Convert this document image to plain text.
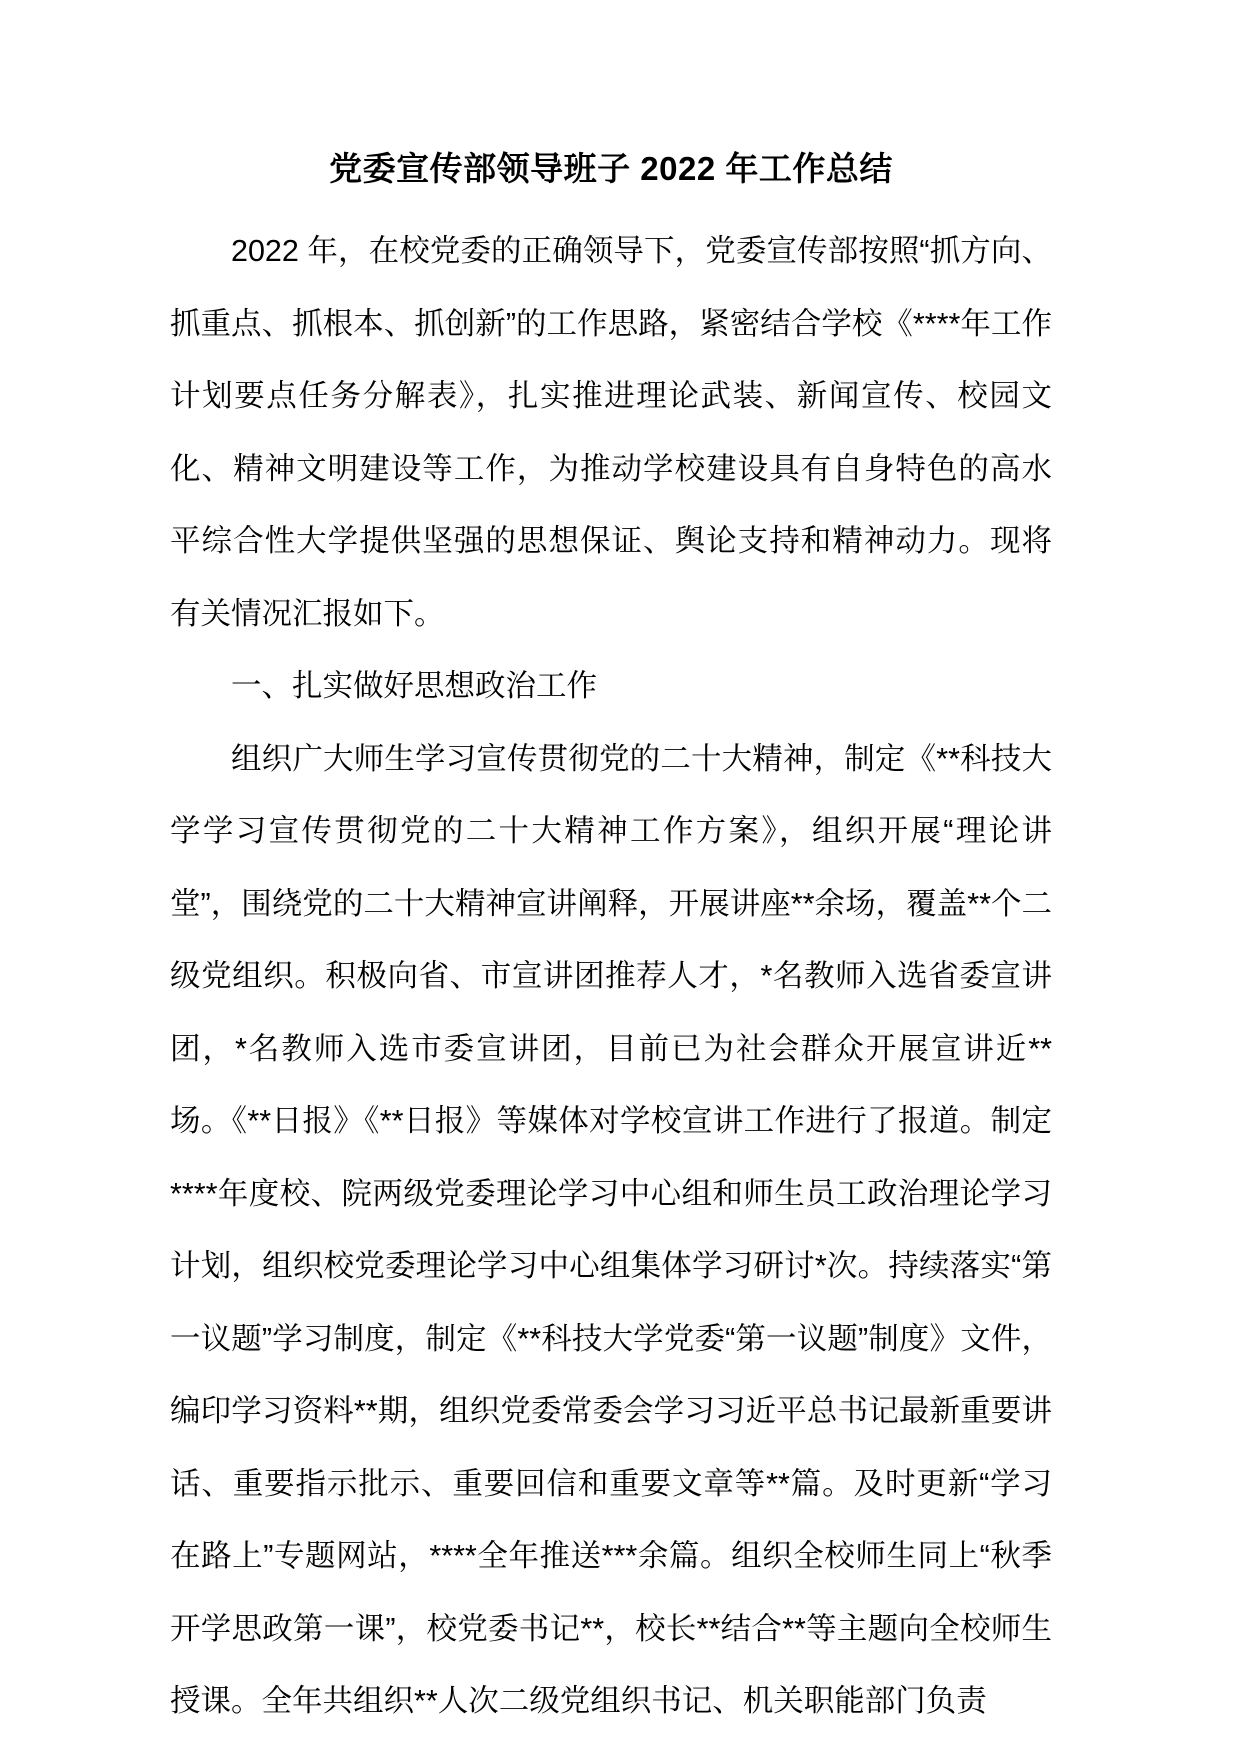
党委宣传部领导班子 2022 年工作总结

2022 年，在校党委的正确领导下，党委宣传部按照“抓方向、抓重点、抓根本、抓创新”的工作思路，紧密结合学校《****年工作计划要点任务分解表》，扎实推进理论武装、新闻宣传、校园文化、精神文明建设等工作，为推动学校建设具有自身特色的高水平综合性大学提供坚强的思想保证、舆论支持和精神动力。现将有关情况汇报如下。

一、扎实做好思想政治工作

组织广大师生学习宣传贯彻党的二十大精神，制定《**科技大学学习宣传贯彻党的二十大精神工作方案》，组织开展“理论讲堂”，围绕党的二十大精神宣讲阐释，开展讲座**余场，覆盖**个二级党组织。积极向省、市宣讲团推荐人才，*名教师入选省委宣讲团，*名教师入选市委宣讲团，目前已为社会群众开展宣讲近**场。《**日报》《**日报》等媒体对学校宣讲工作进行了报道。制定****年度校、院两级党委理论学习中心组和师生员工政治理论学习计划，组织校党委理论学习中心组集体学习研讨*次。持续落实“第一议题”学习制度，制定《**科技大学党委“第一议题”制度》文件，编印学习资料**期，组织党委常委会学习习近平总书记最新重要讲话、重要指示批示、重要回信和重要文章等**篇。及时更新“学习在路上”专题网站，****全年推送***余篇。组织全校师生同上“秋季开学思政第一课”，校党委书记**，校长**结合**等主题向全校师生授课。全年共组织**人次二级党组织书记、机关职能部门负责
